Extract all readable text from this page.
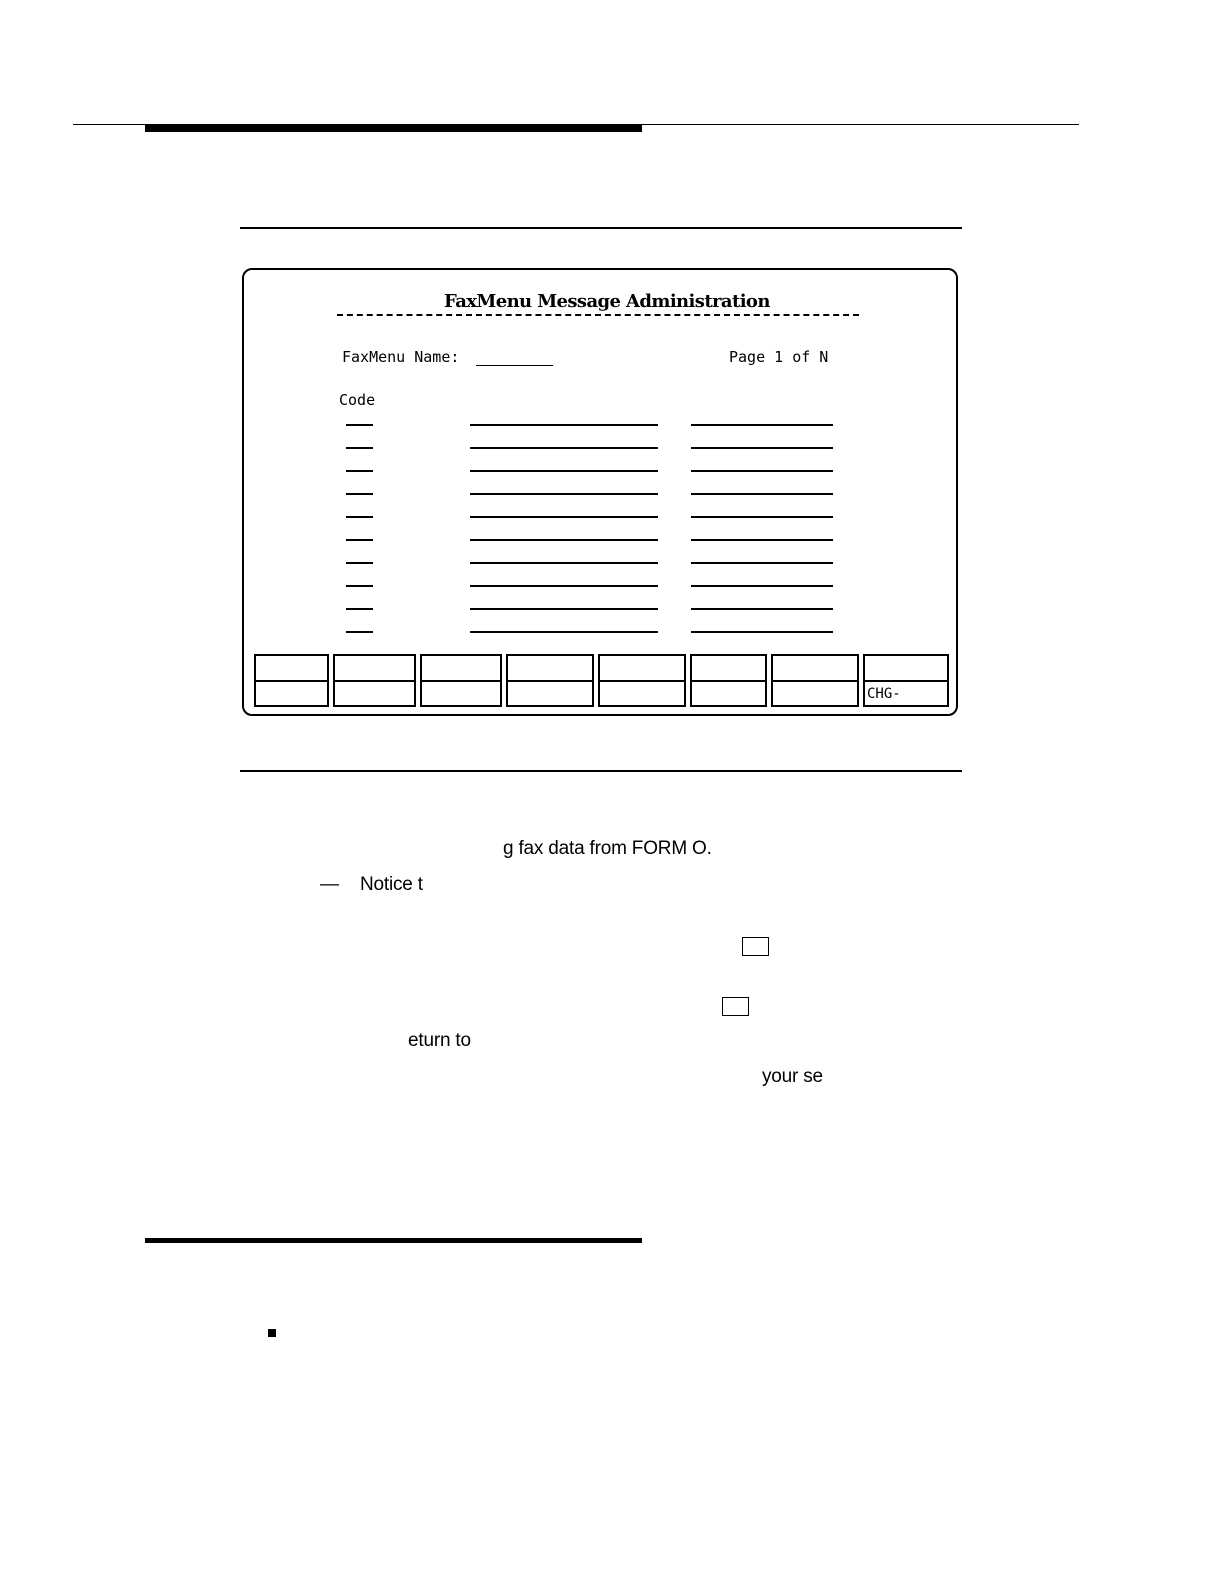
FaxMenu Message Administration
FaxMenu Name:	Page 1 of N
Code
CHG-
g fax data from FORM O.
— Notice t
eturn to
your se
